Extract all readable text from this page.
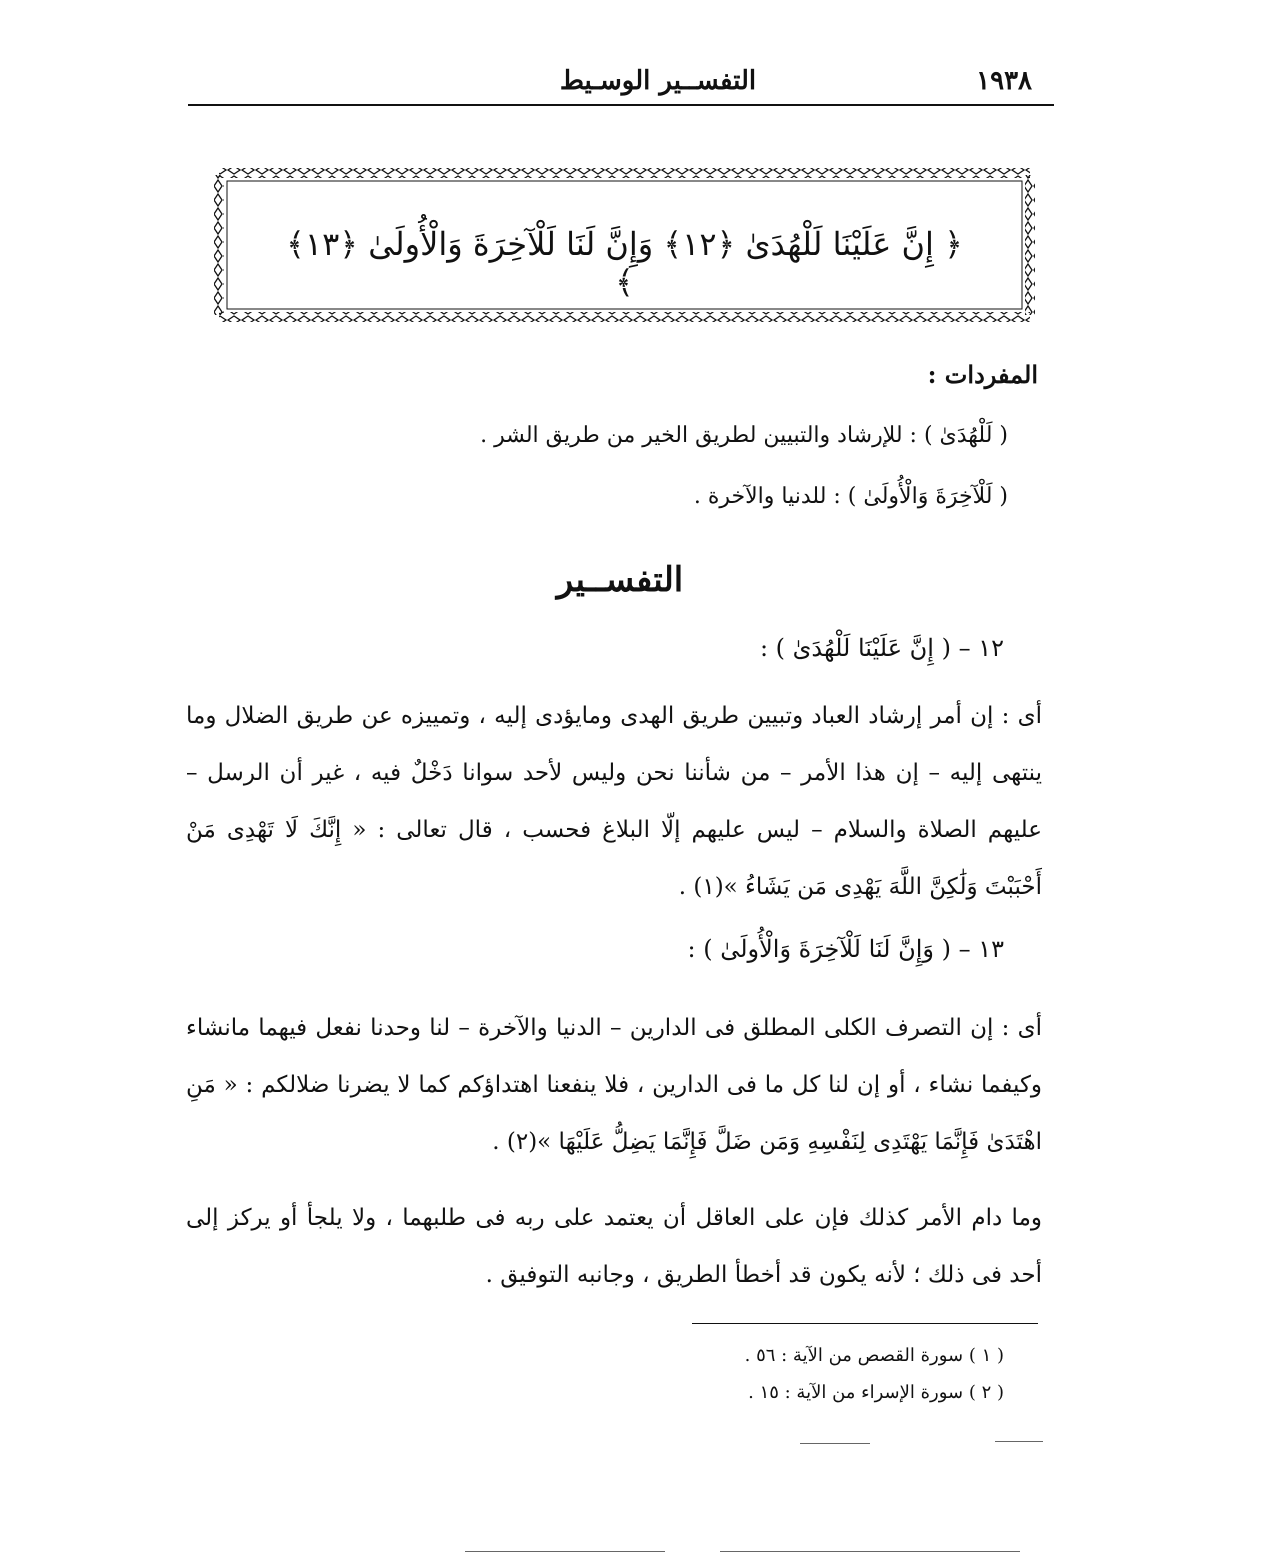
١٩٣٨
التفســير الوسـيط
﴿ إِنَّ عَلَيْنَا لَلْهُدَىٰ ﴿١٢﴾ وَإِنَّ لَنَا لَلْآخِرَةَ وَالْأُولَىٰ ﴿١٣﴾ ﴾
المفردات :
( لَلْهُدَىٰ ) : للإرشاد والتبيين لطريق الخير من طريق الشر .
( لَلْآخِرَةَ وَالْأُولَىٰ ) : للدنيا والآخرة .
التفســير
١٢ – ( إِنَّ عَلَيْنَا لَلْهُدَىٰ ) :
أى : إن أمر إرشاد العباد وتبيين طريق الهدى ومايؤدى إليه ، وتمييزه عن طريق الضلال وما ينتهى إليه – إن هذا الأمر – من شأننا نحن وليس لأحد سوانا دَخْلٌ فيه ، غير أن الرسل – عليهم الصلاة والسلام – ليس عليهم إلّا البلاغ فحسب ، قال تعالى : « إِنَّكَ لَا تَهْدِى مَنْ أَحْبَبْتَ وَلَٰكِنَّ اللَّهَ يَهْدِى مَن يَشَاءُ »(١) .
١٣ – ( وَإِنَّ لَنَا لَلْآخِرَةَ وَالْأُولَىٰ ) :
أى : إن التصرف الكلى المطلق فى الدارين – الدنيا والآخرة – لنا وحدنا نفعل فيهما مانشاء وكيفما نشاء ، أو إن لنا كل ما فى الدارين ، فلا ينفعنا اهتداؤكم كما لا يضرنا ضلالكم : « مَنِ اهْتَدَىٰ فَإِنَّمَا يَهْتَدِى لِنَفْسِهِ وَمَن ضَلَّ فَإِنَّمَا يَضِلُّ عَلَيْهَا »(٢) .
وما دام الأمر كذلك فإن على العاقل أن يعتمد على ربه فى طلبهما ، ولا يلجأ أو يركز إلى أحد فى ذلك ؛ لأنه يكون قد أخطأ الطريق ، وجانبه التوفيق .
( ١ ) سورة القصص من الآية : ٥٦ .
( ٢ ) سورة الإسراء من الآية : ١٥ .
